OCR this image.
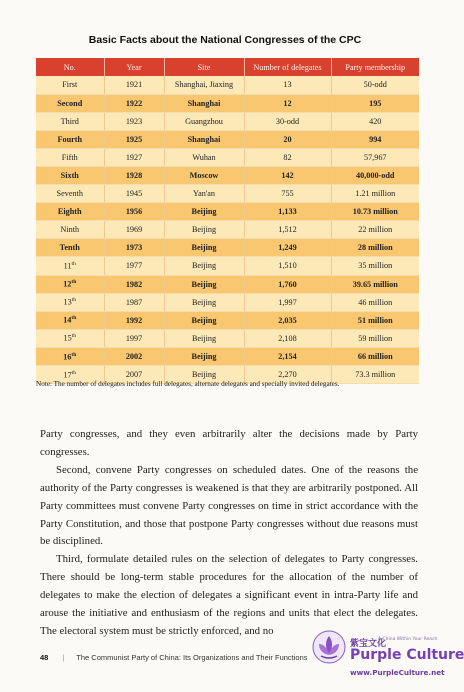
Basic Facts about the National Congresses of the CPC
No.	Year	Site	Number of delegates	Party membership
First	1921	Shanghai, Jiaxing	13	50-odd
Second	1922	Shanghai	12	195
Third	1923	Guangzhou	30-odd	420
Fourth	1925	Shanghai	20	994
Fifth	1927	Wuhan	82	57,967
Sixth	1928	Moscow	142	40,000-odd
Seventh	1945	Yan'an	755	1.21 million
Eighth	1956	Beijing	1,133	10.73 million
Ninth	1969	Beijing	1,512	22 million
Tenth	1973	Beijing	1,249	28 million
11th	1977	Beijing	1,510	35 million
12th	1982	Beijing	1,760	39.65 million
13th	1987	Beijing	1,997	46 million
14th	1992	Beijing	2,035	51 million
15th	1997	Beijing	2,108	59 million
16th	2002	Beijing	2,154	66 million
17th	2007	Beijing	2,270	73.3 million
Note: The number of delegates includes full delegates, alternate delegates and specially invited delegates.

Party congresses, and they even arbitrarily alter the decisions made by Party congresses.

Second, convene Party congresses on scheduled dates. One of the reasons the authority of the Party congresses is weakened is that they are arbitrarily postponed. All Party committees must convene Party congresses on time in strict accordance with the Party Constitution, and those that postpone Party congresses without due reasons must be disciplined.

Third, formulate detailed rules on the selection of delegates to Party congresses. There should be long-term stable procedures for the allocation of the number of delegates to make the election of delegates a significant event in intra-Party life and arouse the initiative and enthusiasm of the regions and units that elect the delegates. The electoral system must be strictly enforced, and no

48 | The Communist Party of China: Its Organizations and Their Functions
紫宝文化
A China Within Your Reach
Purple Culture
www.PurpleCulture.net
